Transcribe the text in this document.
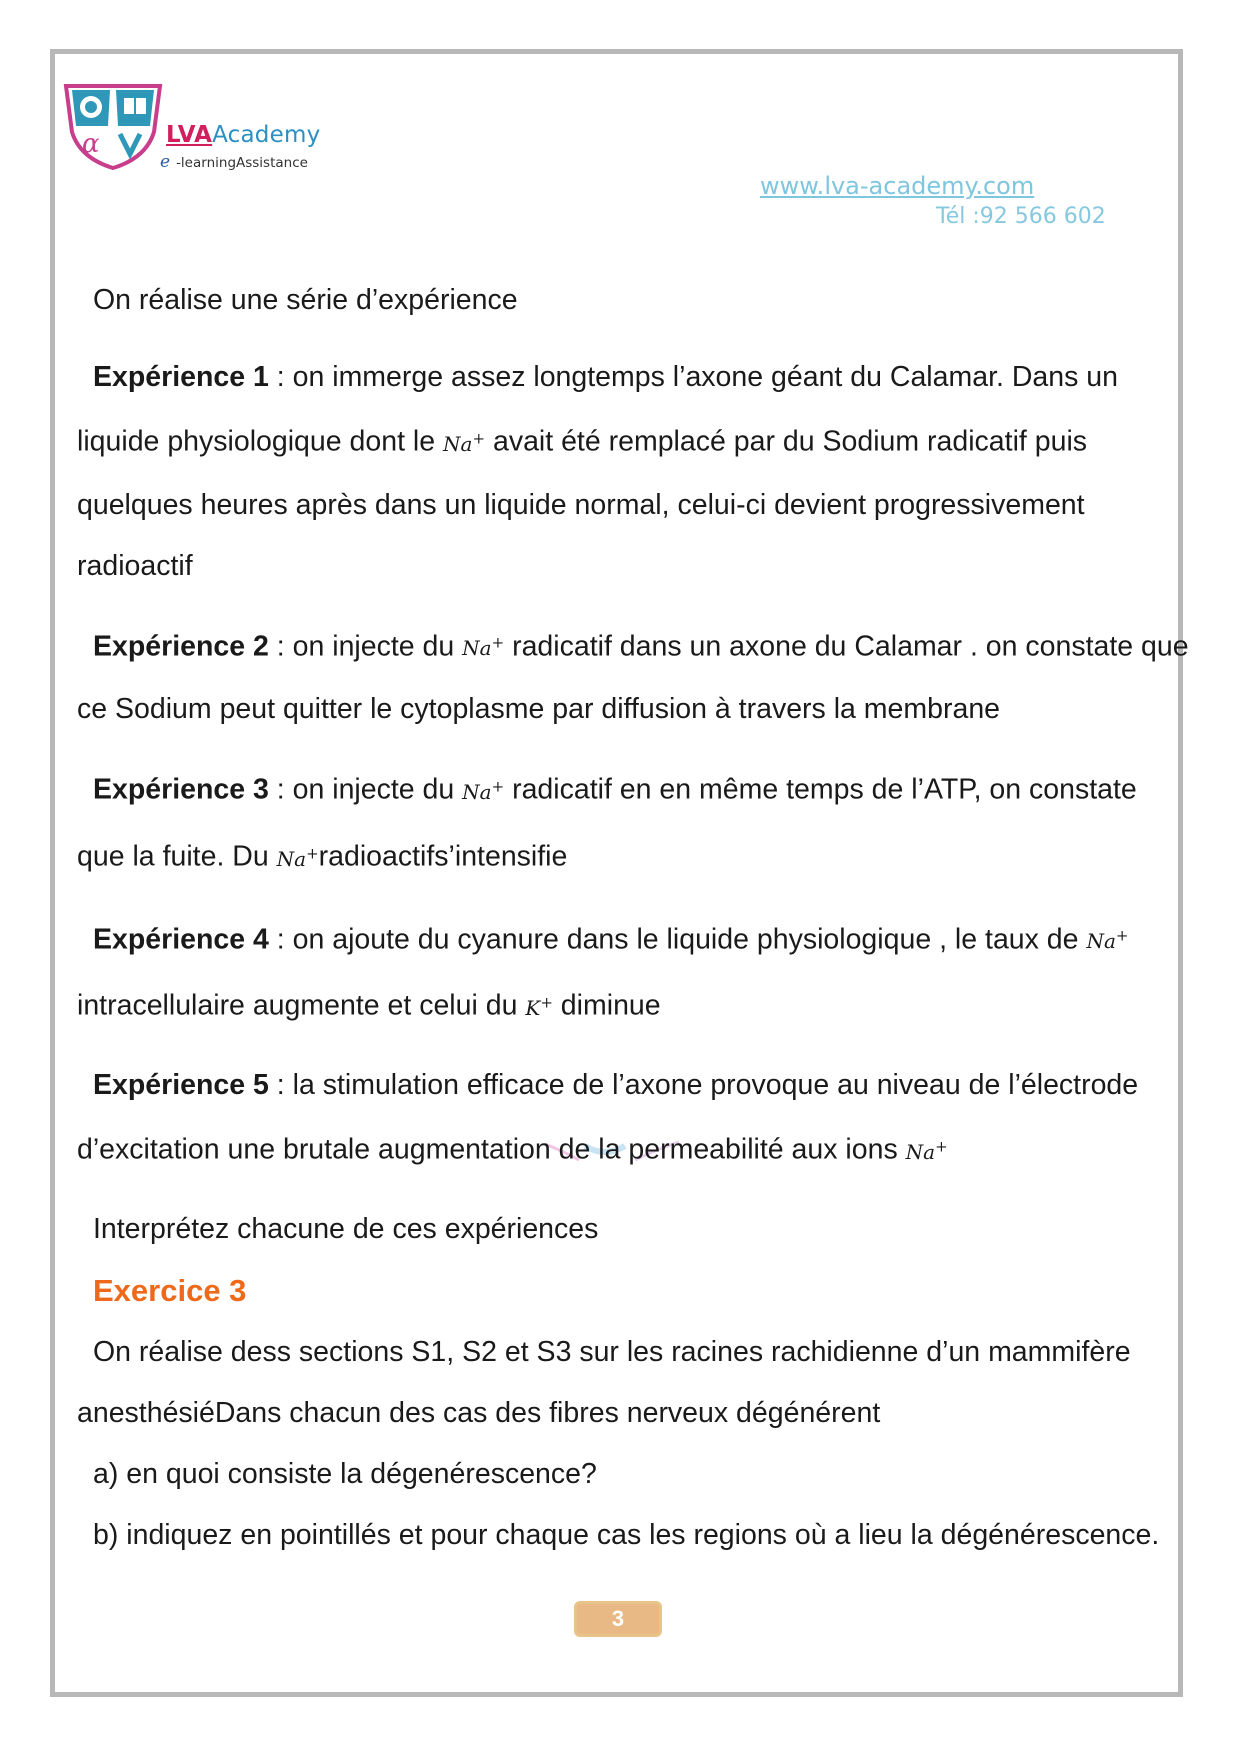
α	LVAAcademy
e -learningAssistance
www.lva-academy.com
Tél :92 566 602

On réalise une série d’expérience

Expérience 1 : on immerge assez longtemps l’axone géant du Calamar. Dans un liquide physiologique dont le Na+ avait été remplacé par du Sodium radicatif puis quelques heures après dans un liquide normal, celui-ci devient progressivement radioactif

Expérience 2 : on injecte du Na+ radicatif dans un axone du Calamar . on constate que ce Sodium peut quitter le cytoplasme par diffusion à travers la membrane

Expérience 3 : on injecte du Na+ radicatif en en même temps de l’ATP, on constate que la fuite. Du Na+radioactifs’intensifie

Expérience 4 : on ajoute du cyanure dans le liquide physiologique , le taux de Na+ intracellulaire augmente et celui du K+ diminue

Expérience 5 : la stimulation efficace de l’axone provoque au niveau de l’électrode d’excitation une brutale augmentation de la permeabilité aux ions Na+

Interprétez chacune de ces expériences

Exercice 3

On réalise dess sections S1, S2 et S3 sur les racines rachidienne d’un mammifère anesthésiéDans chacun des cas des fibres nerveux dégénérent

a) en quoi consiste la dégenérescence?

b) indiquez en pointillés et pour chaque cas les regions où a lieu la dégénérescence.

3
